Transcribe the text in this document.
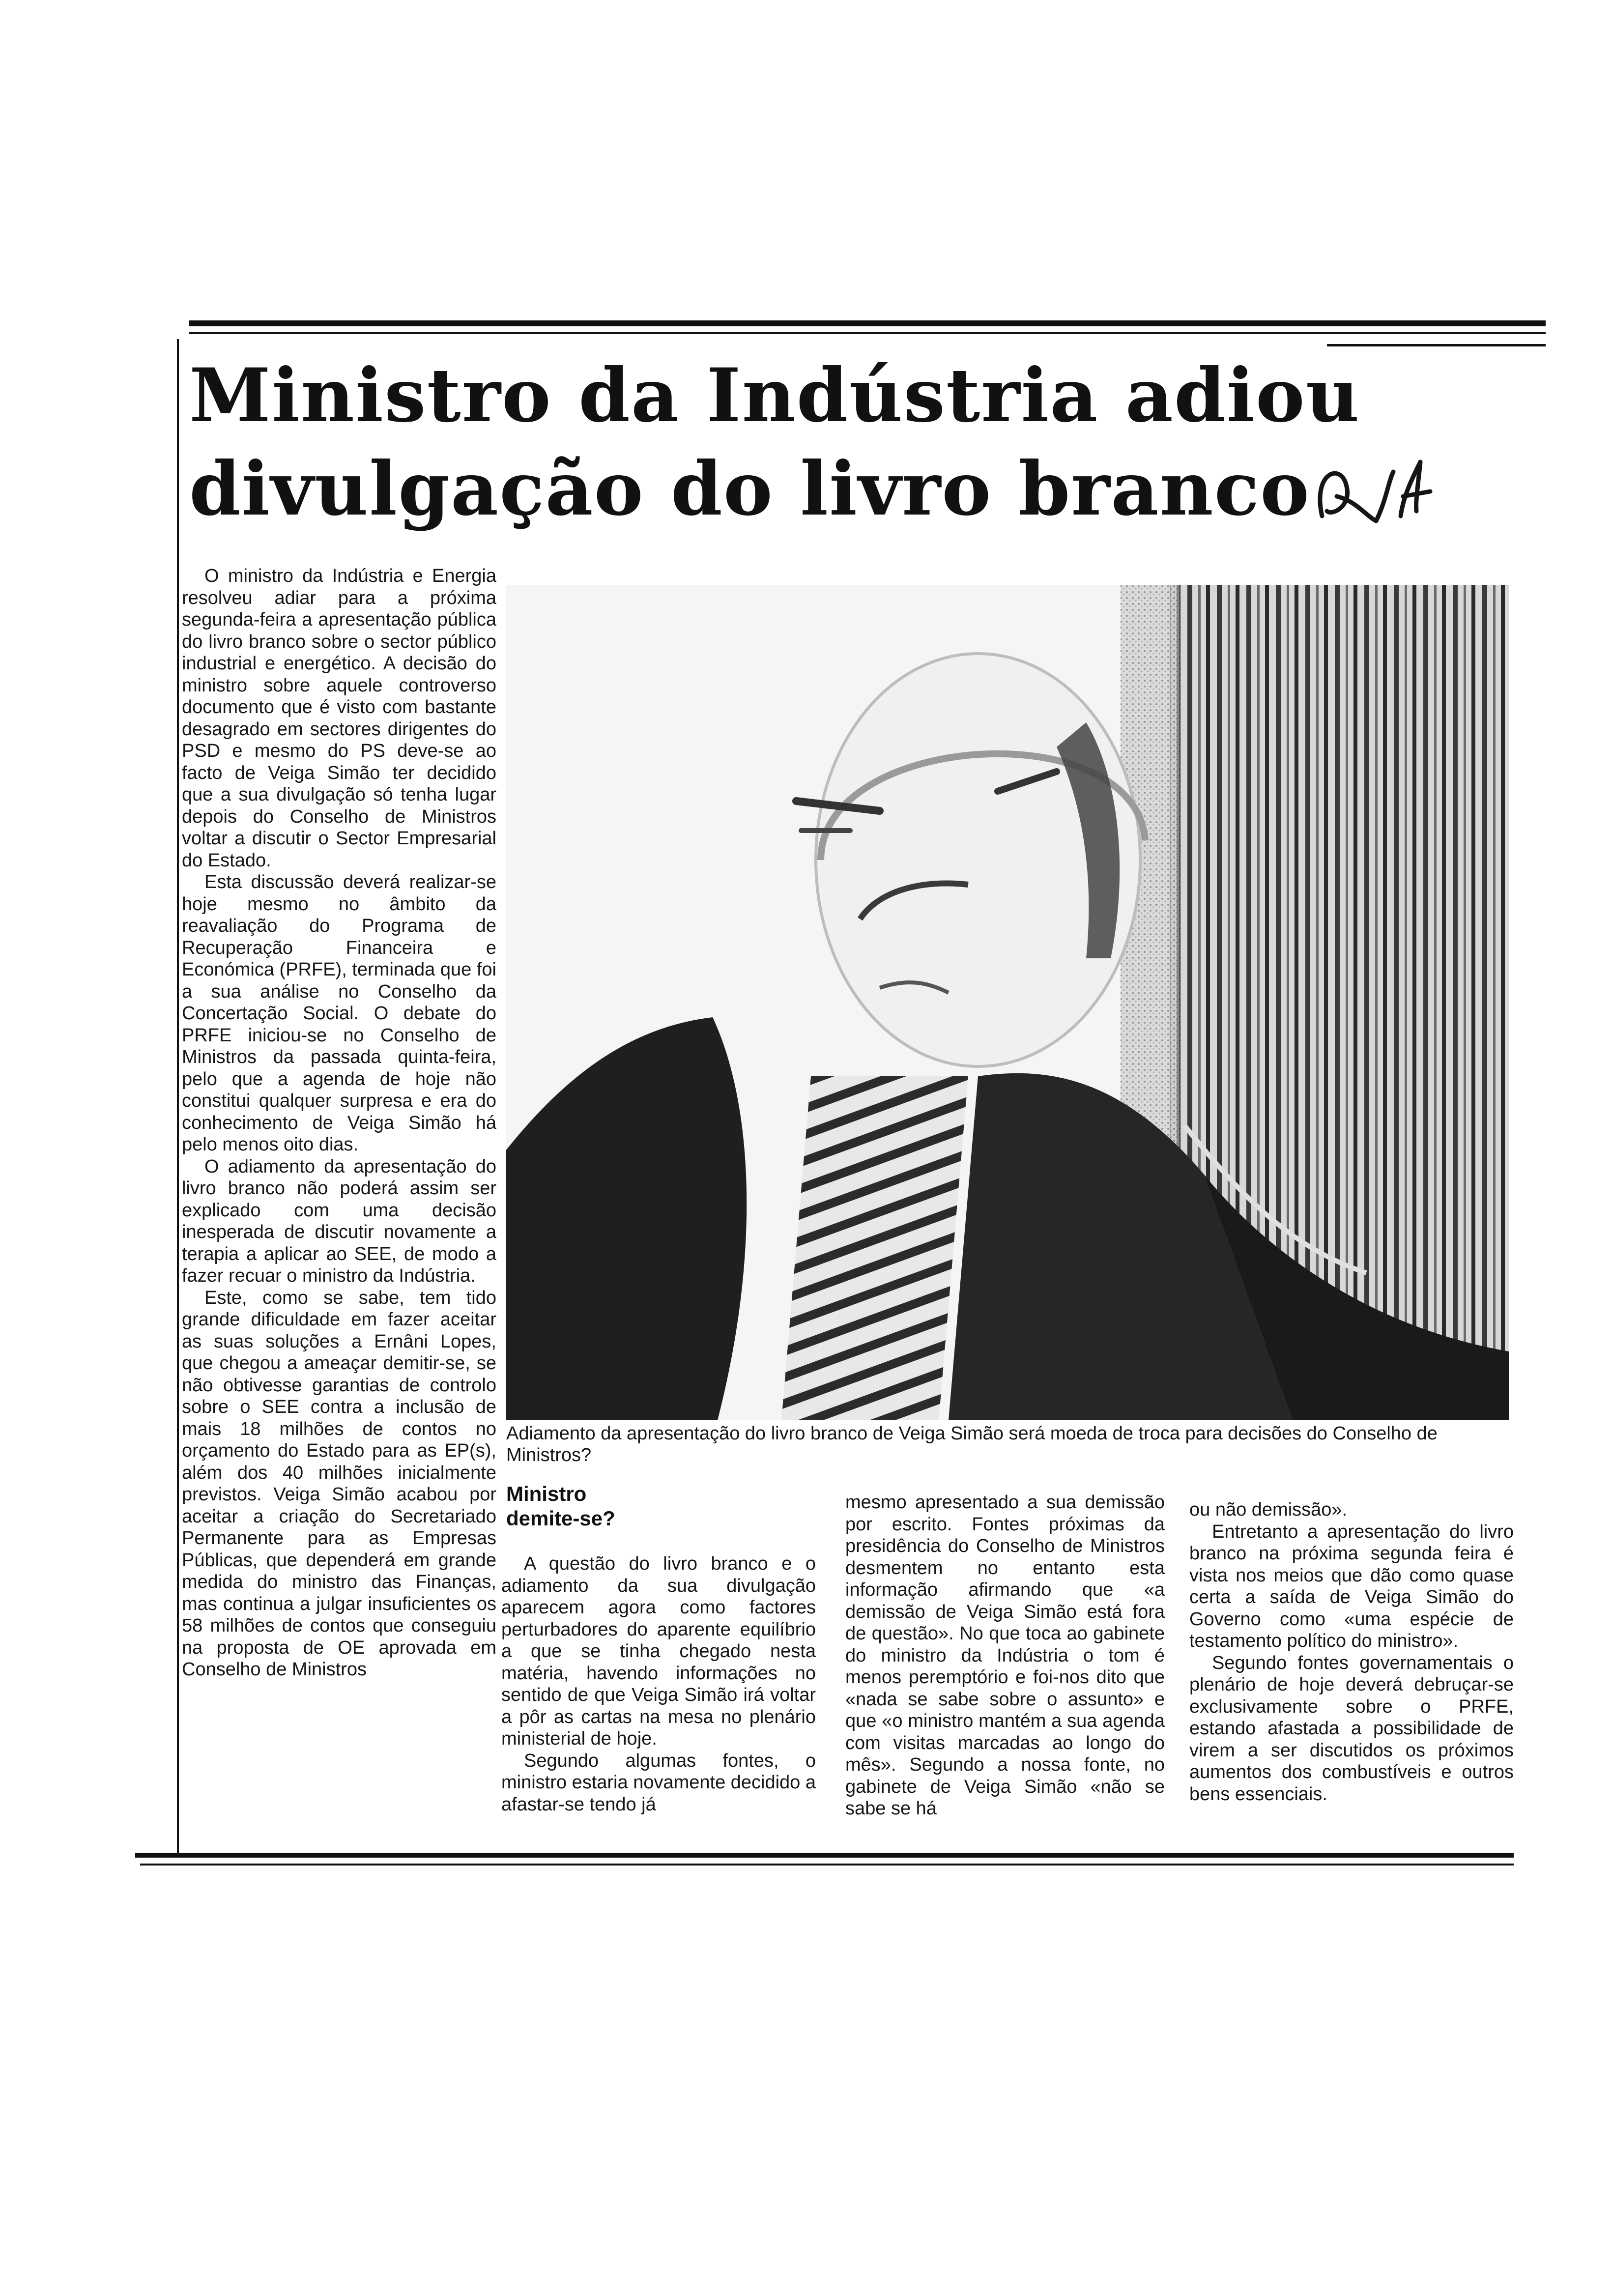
Ministro da Indústria adiou
divulgação do livro branco

O ministro da Indústria e Energia resolveu adiar para a próxima segunda-feira a apresentação pública do livro branco sobre o sector público industrial e energético. A decisão do ministro sobre aquele controverso documento que é visto com bastante desagrado em sectores dirigentes do PSD e mesmo do PS deve-se ao facto de Veiga Simão ter decidido que a sua divulgação só tenha lugar depois do Conselho de Ministros voltar a discutir o Sector Empresarial do Estado.

Esta discussão deverá realizar-se hoje mesmo no âmbito da reavaliação do Programa de Recuperação Financeira e Económica (PRFE), terminada que foi a sua análise no Conselho da Concertação Social. O debate do PRFE iniciou-se no Conselho de Ministros da passada quinta-feira, pelo que a agenda de hoje não constitui qualquer surpresa e era do conhecimento de Veiga Simão há pelo menos oito dias.

O adiamento da apresentação do livro branco não poderá assim ser explicado com uma decisão inesperada de discutir novamente a terapia a aplicar ao SEE, de modo a fazer recuar o ministro da Indústria.

Este, como se sabe, tem tido grande dificuldade em fazer aceitar as suas soluções a Ernâni Lopes, que chegou a ameaçar demitir-se, se não obtivesse garantias de controlo sobre o SEE contra a inclusão de mais 18 milhões de contos no orçamento do Estado para as EP(s), além dos 40 milhões inicialmente previstos. Veiga Simão acabou por aceitar a criação do Secretariado Permanente para as Empresas Públicas, que dependerá em grande medida do ministro das Finanças, mas continua a julgar insuficientes os 58 milhões de contos que conseguiu na proposta de OE aprovada em Conselho de Ministros

Adiamento da apresentação do livro branco de Veiga Simão será moeda de troca para decisões do Conselho de Ministros?
Ministro demite-se?

A questão do livro branco e o adiamento da sua divulgação aparecem agora como factores perturbadores do aparente equilíbrio a que se tinha chegado nesta matéria, havendo informações no sentido de que Veiga Simão irá voltar a pôr as cartas na mesa no plenário ministerial de hoje.

Segundo algumas fontes, o ministro estaria novamente decidido a afastar-se tendo já

mesmo apresentado a sua demissão por escrito. Fontes próximas da presidência do Conselho de Ministros desmentem no entanto esta informação afirmando que «a demissão de Veiga Simão está fora de questão». No que toca ao gabinete do ministro da Indústria o tom é menos peremptório e foi-nos dito que «nada se sabe sobre o assunto» e que «o ministro mantém a sua agenda com visitas marcadas ao longo do mês». Segundo a nossa fonte, no gabinete de Veiga Simão «não se sabe se há

ou não demissão».

Entretanto a apresentação do livro branco na próxima segunda feira é vista nos meios que dão como quase certa a saída de Veiga Simão do Governo como «uma espécie de testamento político do ministro».

Segundo fontes governamentais o plenário de hoje deverá debruçar-se exclusivamente sobre o PRFE, estando afastada a possibilidade de virem a ser discutidos os próximos aumentos dos combustíveis e outros bens essenciais.
